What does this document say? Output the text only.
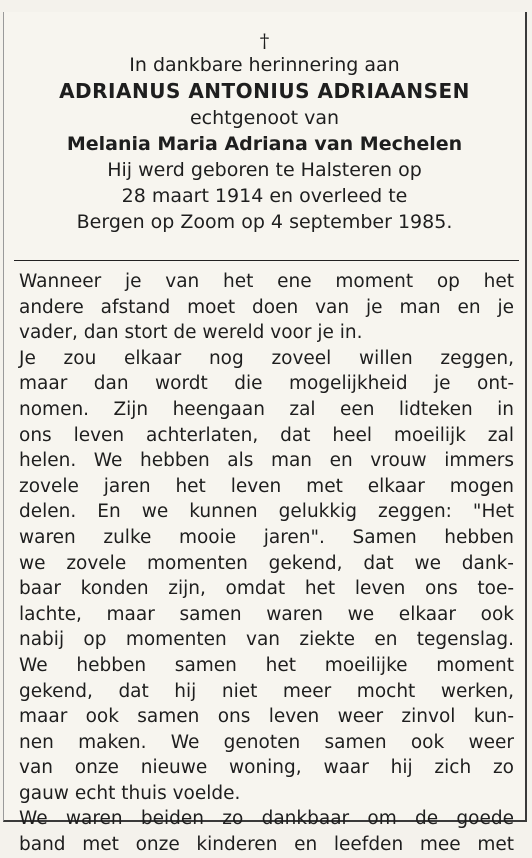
†
In dankbare herinnering aan
ADRIANUS ANTONIUS ADRIAANSEN
echtgenoot van
Melania Maria Adriana van Mechelen
Hij werd geboren te Halsteren op
28 maart 1914 en overleed te
Bergen op Zoom op 4 september 1985.
Wanneer je van het ene moment op het
andere afstand moet doen van je man en je
vader, dan stort de wereld voor je in.
Je zou elkaar nog zoveel willen zeggen,
maar dan wordt die mogelijkheid je ont-
nomen. Zijn heengaan zal een lidteken in
ons leven achterlaten, dat heel moeilijk zal
helen. We hebben als man en vrouw immers
zovele jaren het leven met elkaar mogen
delen. En we kunnen gelukkig zeggen: "Het
waren zulke mooie jaren". Samen hebben
we zovele momenten gekend, dat we dank-
baar konden zijn, omdat het leven ons toe-
lachte, maar samen waren we elkaar ook
nabij op momenten van ziekte en tegenslag.
We hebben samen het moeilijke moment
gekend, dat hij niet meer mocht werken,
maar ook samen ons leven weer zinvol kun-
nen maken. We genoten samen ook weer
van onze nieuwe woning, waar hij zich zo
gauw echt thuis voelde.
We waren beiden zo dankbaar om de goede
band met onze kinderen en leefden mee met
